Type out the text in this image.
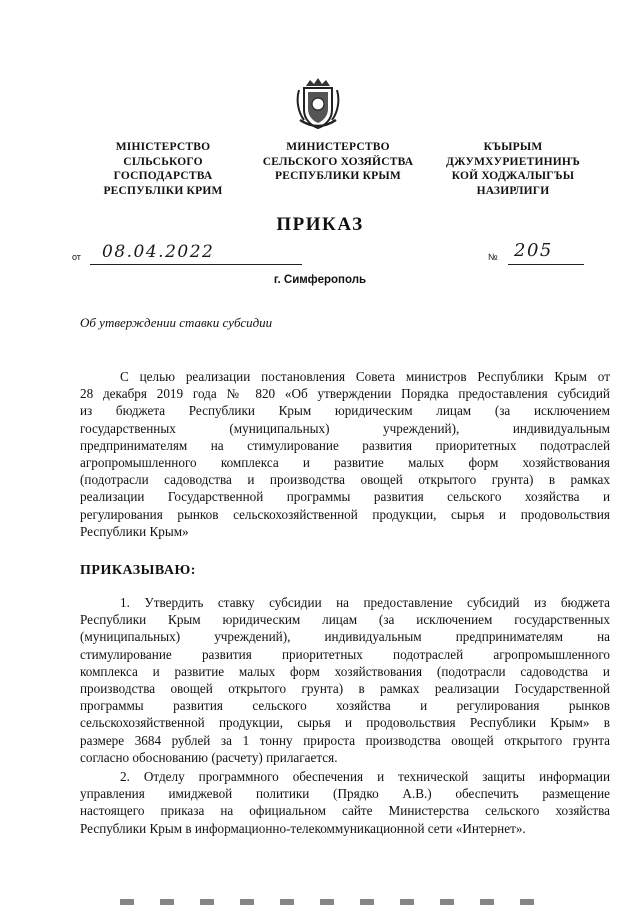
МІНІСТЕРСТВО
СІЛЬСЬКОГО
ГОСПОДАРСТВА
РЕСПУБЛІКИ КРИМ
МИНИСТЕРСТВО
СЕЛЬСКОГО ХОЗЯЙСТВА
РЕСПУБЛИКИ КРЫМ
КЪЫРЫМ
ДЖУМХУРИЕТИНИНЪ
КОЙ ХОДЖАЛЫГЪЫ
НАЗИРЛИГИ
ПРИКАЗ
от 08.04.2022	№ 205
г. Симферополь
Об утверждении ставки субсидии
С целью реализации постановления Совета министров Республики Крым от
28 декабря 2019 года № 820 «Об утверждении Порядка предоставления субсидий
из бюджета Республики Крым юридическим лицам (за исключением
государственных (муниципальных) учреждений), индивидуальным
предпринимателям на стимулирование развития приоритетных подотраслей
агропромышленного комплекса и развитие малых форм хозяйствования
(подотрасли садоводства и производства овощей открытого грунта) в рамках
реализации Государственной программы развития сельского хозяйства и
регулирования рынков сельскохозяйственной продукции, сырья и продовольствия
Республики Крым»
ПРИКАЗЫВАЮ:
1. Утвердить ставку субсидии на предоставление субсидий из бюджета
Республики Крым юридическим лицам (за исключением государственных
(муниципальных) учреждений), индивидуальным предпринимателям на
стимулирование развития приоритетных подотраслей агропромышленного
комплекса и развитие малых форм хозяйствования (подотрасли садоводства и
производства овощей открытого грунта) в рамках реализации Государственной
программы развития сельского хозяйства и регулирования рынков
сельскохозяйственной продукции, сырья и продовольствия Республики Крым» в
размере 3684 рублей за 1 тонну прироста производства овощей открытого грунта
согласно обоснованию (расчету) прилагается.
2. Отделу программного обеспечения и технической защиты информации
управления имиджевой политики (Прядко А.В.) обеспечить размещение
настоящего приказа на официальном сайте Министерства сельского хозяйства
Республики Крым в информационно-телекоммуникационной сети «Интернет».
